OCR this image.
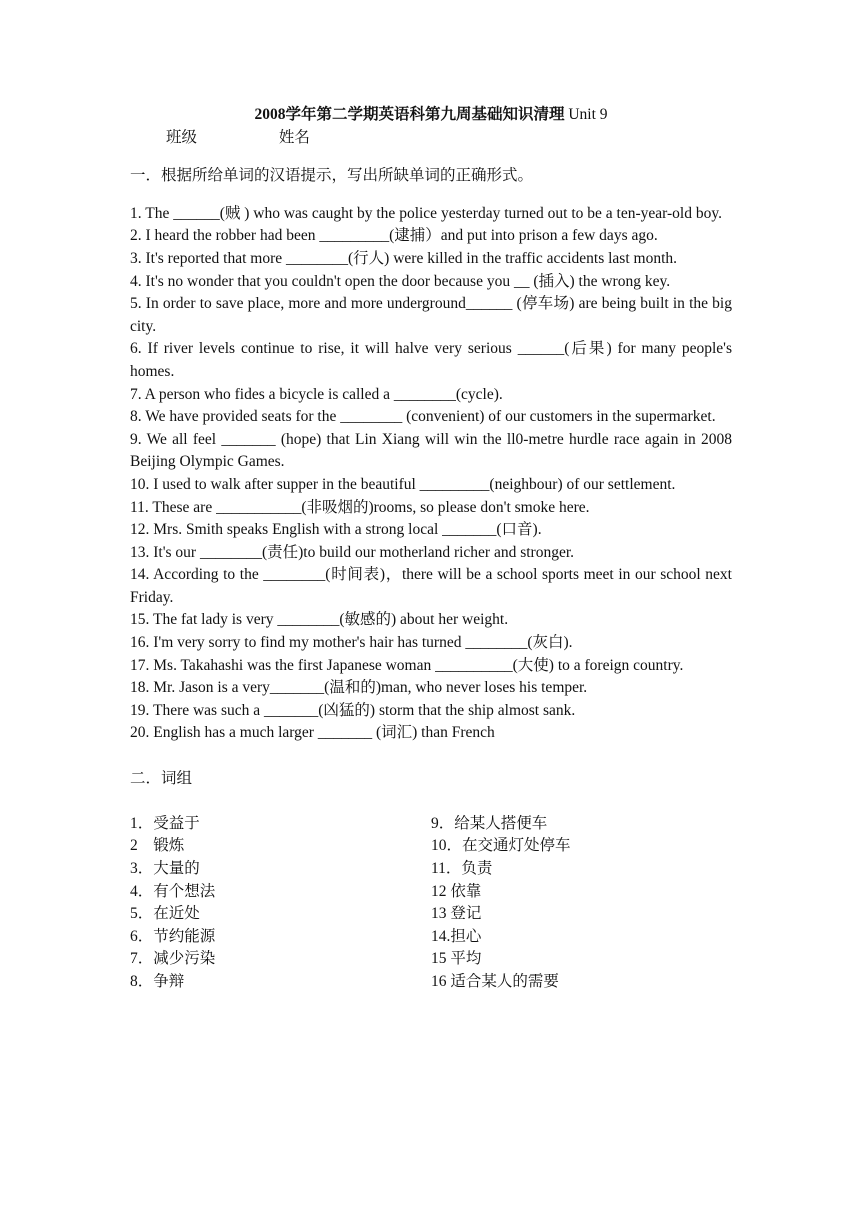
2008学年第二学期英语科第九周基础知识清理 Unit 9

班级	姓名

一．根据所给单词的汉语提示，写出所缺单词的正确形式。

1. The ______(贼 ) who was caught by the police yesterday turned out to be a ten-year-old boy.

2. I heard the robber had been _________(逮捕）and put into prison a few days ago.

3. It's reported that more ________(行人) were killed in the traffic accidents last month.

4. It's no wonder that you couldn't open the door because you __ (插入) the wrong key.

5. In order to save place, more and more underground______ (停车场) are being built in the big city.

6. If river levels continue to rise, it will halve very serious ______(后果) for many people's homes.

7. A person who fides a bicycle is called a ________(cycle).

8. We have provided seats for the ________ (convenient) of our customers in the supermarket.

9. We all feel _______ (hope) that Lin Xiang will win the ll0-metre hurdle race again in 2008 Beijing Olympic Games.

10. I used to walk after supper in the beautiful _________(neighbour) of our settlement.

11. These are ___________(非吸烟的)rooms, so please don't smoke here.

12. Mrs. Smith speaks English with a strong local _______(口音).

13. It's our ________(责任)to build our motherland richer and stronger.

14. According to the ________(时间表)，there will be a school sports meet in our school next Friday.

15. The fat lady is very ________(敏感的) about her weight.

16. I'm very sorry to find my mother's hair has turned ________(灰白).

17. Ms. Takahashi was the first Japanese woman __________(大使) to a foreign country.

18. Mr. Jason is a very_______(温和的)man, who never loses his temper.

19. There was such a _______(凶猛的) storm that the ship almost sank.

20. English has a much larger _______ (词汇) than French

二．词组

1．受益于

2　锻炼

3．大量的

4．有个想法

5．在近处

6．节约能源

7．减少污染

8．争辩

9．给某人搭便车

10．在交通灯处停车

11．负责

12 依靠

13 登记

14.担心

15 平均

16 适合某人的需要
